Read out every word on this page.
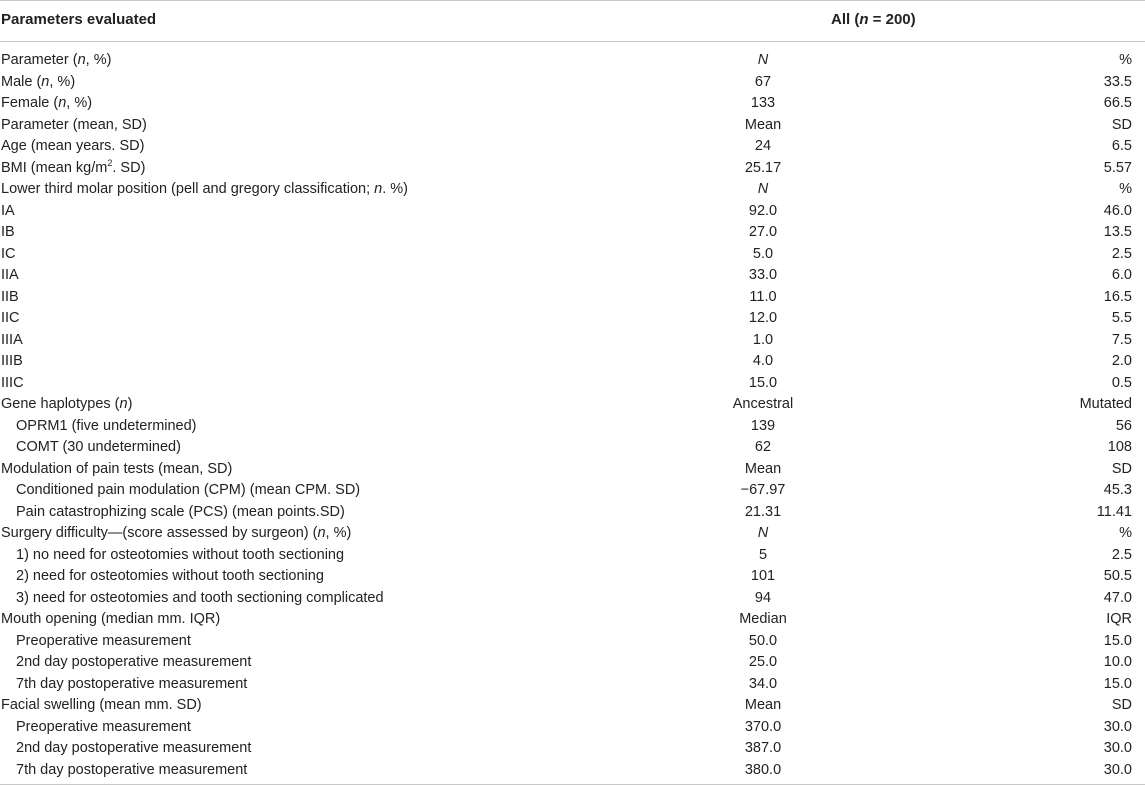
Parameters evaluated	All (n = 200)
Parameter (n, %)	N	%
Male (n, %)	67	33.5
Female (n, %)	133	66.5
Parameter (mean, SD)	Mean	SD
Age (mean years. SD)	24	6.5
BMI (mean $kg/m^2$. SD)	25.17	5.57
Lower third molar position (pell and gregory classification; n. %)	N	%
IA	92.0	46.0
IB	27.0	13.5
IC	5.0	2.5
IIA	33.0	6.0
IIB	11.0	16.5
IIC	12.0	5.5
IIIA	1.0	7.5
IIIB	4.0	2.0
IIIC	15.0	0.5
Gene haplotypes (n)	Ancestral	Mutated
OPRM1 (five undetermined)	139	56
COMT (30 undetermined)	62	108
Modulation of pain tests (mean, SD)	Mean	SD
Conditioned pain modulation (CPM) (mean CPM. SD)	−67.97	45.3
Pain catastrophizing scale (PCS) (mean points.SD)	21.31	11.41
Surgery difficulty—(score assessed by surgeon) (n, %)	N	%
1) no need for osteotomies without tooth sectioning	5	2.5
2) need for osteotomies without tooth sectioning	101	50.5
3) need for osteotomies and tooth sectioning complicated	94	47.0
Mouth opening (median mm. IQR)	Median	IQR
Preoperative measurement	50.0	15.0
2nd day postoperative measurement	25.0	10.0
7th day postoperative measurement	34.0	15.0
Facial swelling (mean mm. SD)	Mean	SD
Preoperative measurement	370.0	30.0
2nd day postoperative measurement	387.0	30.0
7th day postoperative measurement	380.0	30.0
